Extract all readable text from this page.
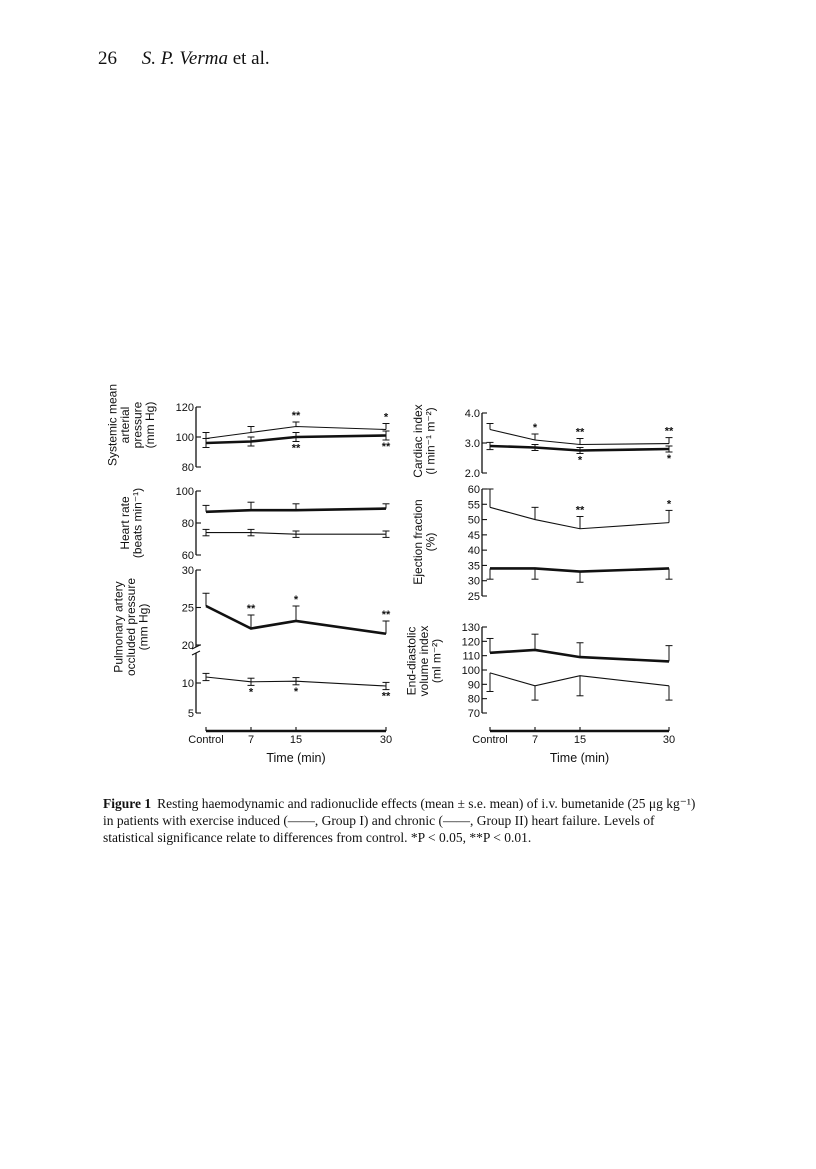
26 S. P. Verma et al.
80
100
120
Systemic meanarterialpressure(mm Hg)	**	*
**	**
60
80
100
Heart rate(beats min⁻¹)
5
10
20
25
30
Pulmonary arteryoccluded pressure(mm Hg)	**
*
**
*	*	**
2.0
3.0
4.0
Cardiac index(l min⁻¹ m⁻²)	*	**	**
*	*
25
30
35
40
45
50
55
60
Ejection fraction(%)
**
*
70
80
90
100
110
120
130
End-diastolicvolume index(ml m⁻²)
Control 7	15	30
Time (min)
Control 7	15	30
Time (min)
Figure 1 Resting haemodynamic and radionuclide effects (mean ± s.e. mean) of i.v. bumetanide (25 μg kg⁻¹) in patients with exercise induced (——, Group I) and chronic (——, Group II) heart failure. Levels of statistical significance relate to differences from control. *P < 0.05, **P < 0.01.
